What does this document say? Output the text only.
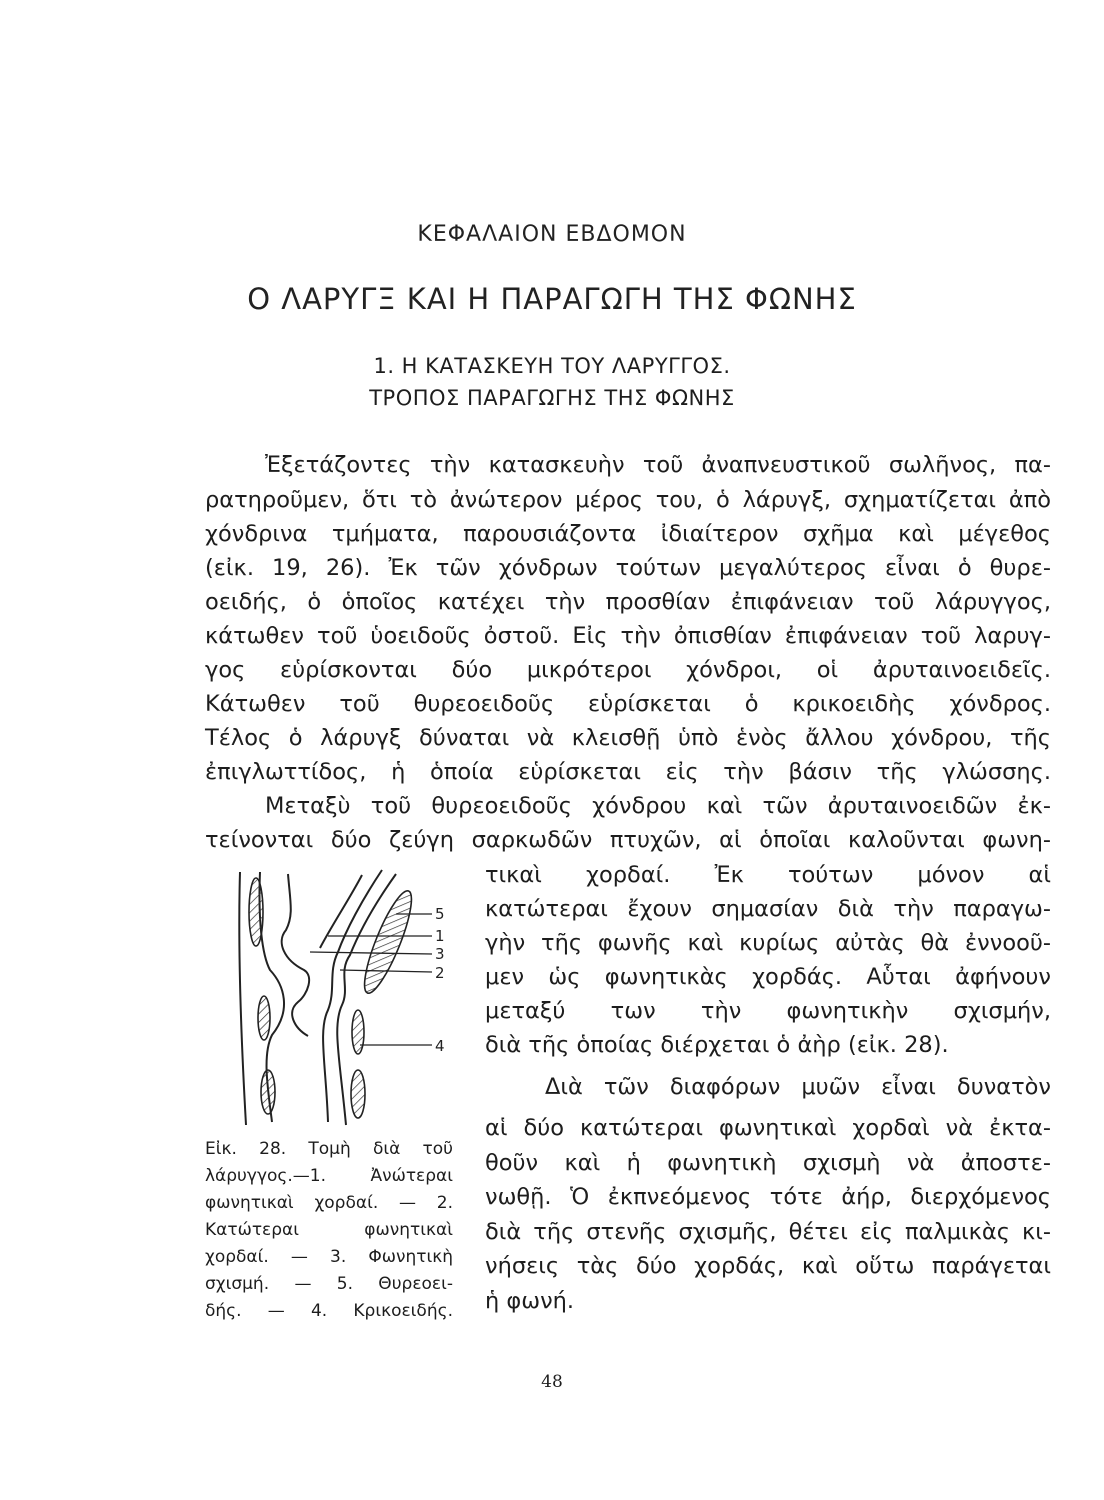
ΚΕΦΑΛΑΙΟΝ ΕΒΔΟΜΟΝ
Ο ΛΑΡΥΓΞ ΚΑΙ Η ΠΑΡΑΓΩΓΗ ΤΗΣ ΦΩΝΗΣ
1. Η ΚΑΤΑΣΚΕΥΗ ΤΟΥ ΛΑΡΥΓΓΟΣ.
ΤΡΟΠΟΣ ΠΑΡΑΓΩΓΗΣ ΤΗΣ ΦΩΝΗΣ
Ἐξετάζοντες τὴν κατασκευὴν τοῦ ἀναπνευστικοῦ σωλῆνος, πα-
ρατηροῦμεν, ὅτι τὸ ἀνώτερον μέρος του, ὁ λάρυγξ, σχηματίζεται ἀπὸ
χόνδρινα τμήματα, παρουσιάζοντα ἰδιαίτερον σχῆμα καὶ μέγεθος
(εἰκ. 19, 26). Ἐκ τῶν χόνδρων τούτων μεγαλύτερος εἶναι ὁ θυρε-
οειδής, ὁ ὁποῖος κατέχει τὴν προσθίαν ἐπιφάνειαν τοῦ λάρυγγος,
κάτωθεν τοῦ ὑοειδοῦς ὀστοῦ. Εἰς τὴν ὀπισθίαν ἐπιφάνειαν τοῦ λαρυγ-
γος εὑρίσκονται δύο μικρότεροι χόνδροι, οἱ ἀρυταινοειδεῖς.
Κάτωθεν τοῦ θυρεοειδοῦς εὑρίσκεται ὁ κρικοειδὴς χόνδρος.
Τέλος ὁ λάρυγξ δύναται νὰ κλεισθῇ ὑπὸ ἑνὸς ἄλλου χόνδρου, τῆς
ἐπιγλωττίδος, ἡ ὁποία εὑρίσκεται εἰς τὴν βάσιν τῆς γλώσσης.
Μεταξὺ τοῦ θυρεοειδοῦς χόνδρου καὶ τῶν ἀρυταινοειδῶν ἐκ-
τείνονται δύο ζεύγη σαρκωδῶν πτυχῶν, αἱ ὁποῖαι καλοῦνται φωνη-
τικαὶ χορδαί. Ἐκ τούτων μόνον αἱ
κατώτεραι ἔχουν σημασίαν διὰ τὴν παραγω-
γὴν τῆς φωνῆς καὶ κυρίως αὐτὰς θὰ ἐννοοῦ-
μεν ὡς φωνητικὰς χορδάς. Αὗται ἀφήνουν
μεταξύ των τὴν φωνητικὴν σχισμήν,
διὰ τῆς ὁποίας διέρχεται ὁ ἀὴρ (εἰκ. 28).
Διὰ τῶν διαφόρων μυῶν εἶναι δυνατὸν
αἱ δύο κατώτεραι φωνητικαὶ χορδαὶ νὰ ἐκτα-
θοῦν καὶ ἡ φωνητικὴ σχισμὴ νὰ ἀποστε-
νωθῇ. Ὁ ἐκπνεόμενος τότε ἀήρ, διερχόμενος
διὰ τῆς στενῆς σχισμῆς, θέτει εἰς παλμικὰς κι-
νήσεις τὰς δύο χορδάς, καὶ οὕτω παράγεται
ἡ φωνή.
5
1
3
2
4
Εἰκ. 28. Τομὴ διὰ τοῦ
λάρυγγος.—1. Ἀνώτεραι
φωνητικαὶ χορδαί. — 2.
Κατώτεραι φωνητικαὶ
χορδαί. — 3. Φωνητικὴ
σχισμή. — 5. Θυρεοει-
δής. — 4. Κρικοειδής.
48
